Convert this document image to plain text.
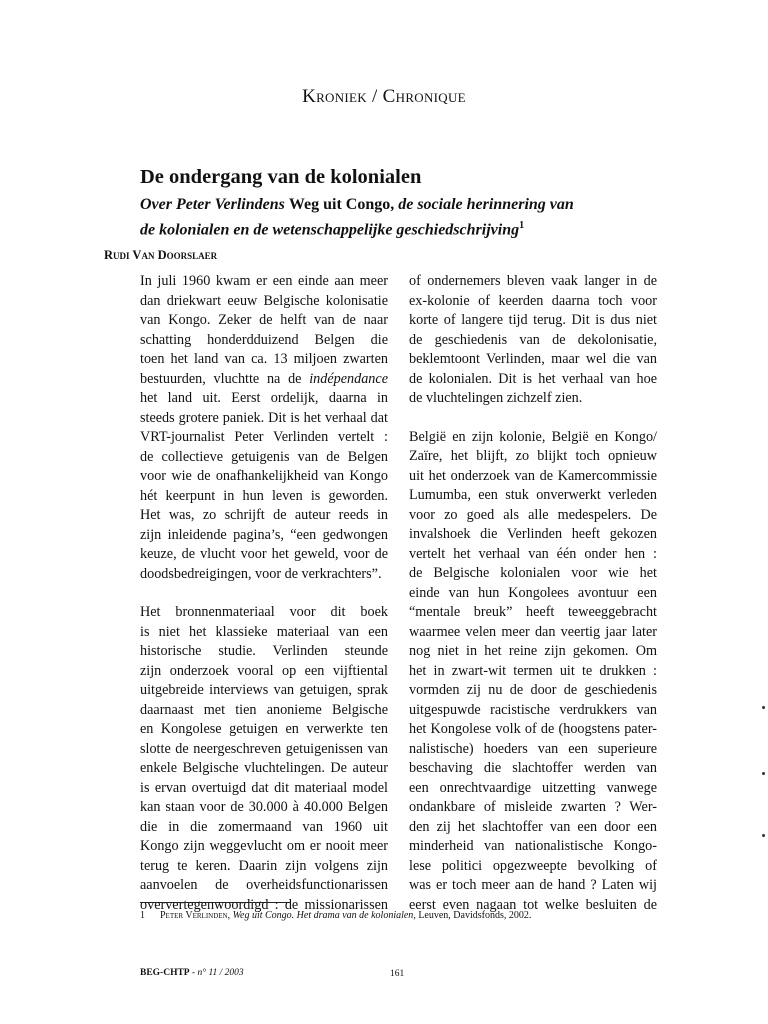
Kroniek / Chronique
De ondergang van de kolonialen
Over Peter Verlindens Weg uit Congo, de sociale herinnering van
de kolonialen en de wetenschappelijke geschiedschrijving$^1$
Rudi Van Doorslaer

In juli 1960 kwam er een einde aan meer
dan driekwart eeuw Belgische kolonisatie
van Kongo. Zeker de helft van de naar
schatting honderdduizend Belgen die
toen het land van ca. 13 miljoen zwarten
bestuurden, vluchtte na de indépendance
het land uit. Eerst ordelijk, daarna in
steeds grotere paniek. Dit is het verhaal dat
VRT-journalist Peter Verlinden vertelt :
de collectieve getuigenis van de Belgen
voor wie de onafhankelijkheid van Kongo
hét keerpunt in hun leven is geworden.
Het was, zo schrijft de auteur reeds in
zijn inleidende pagina’s, “een gedwongen
keuze, de vlucht voor het geweld, voor de
doodsbedreigingen, voor de verkrachters”.

Het bronnenmateriaal voor dit boek
is niet het klassieke materiaal van een
historische studie. Verlinden steunde
zijn onderzoek vooral op een vijftiental
uitgebreide interviews van getuigen, sprak
daarnaast met tien anonieme Belgische
en Kongolese getuigen en verwerkte ten
slotte de neergeschreven getuigenissen van
enkele Belgische vluchtelingen. De auteur
is ervan overtuigd dat dit materiaal model
kan staan voor de 30.000 à 40.000 Belgen
die in die zomermaand van 1960 uit
Kongo zijn weggevlucht om er nooit meer
terug te keren. Daarin zijn volgens zijn
aanvoelen de overheidsfunctionarissen
oververtegenwoordigd : de missionarissen

of ondernemers bleven vaak langer in de
ex-kolonie of keerden daarna toch voor
korte of langere tijd terug. Dit is dus niet
de geschiedenis van de dekolonisatie,
beklemtoont Verlinden, maar wel die van
de kolonialen. Dit is het verhaal van hoe
de vluchtelingen zichzelf zien.

België en zijn kolonie, België en Kongo/
Zaïre, het blijft, zo blijkt toch opnieuw
uit het onderzoek van de Kamercommissie
Lumumba, een stuk onverwerkt verleden
voor zo goed als alle medespelers. De
invalshoek die Verlinden heeft gekozen
vertelt het verhaal van één onder hen :
de Belgische kolonialen voor wie het
einde van hun Kongolees avontuur een
“mentale breuk” heeft teweeggebracht
waarmee velen meer dan veertig jaar later
nog niet in het reine zijn gekomen. Om
het in zwart-wit termen uit te drukken :
vormden zij nu de door de geschiedenis
uitgespuwde racistische verdrukkers van
het Kongolese volk of de (hoogstens pater-
nalistische) hoeders van een superieure
beschaving die slachtoffer werden van
een onrechtvaardige uitzetting vanwege
ondankbare of misleide zwarten ? Wer-
den zij het slachtoffer van een door een
minderheid van nationalistische Kongo-
lese politici opgezweepte bevolking of
was er toch meer aan de hand ? Laten wij
eerst even nagaan tot welke besluiten de

1 Peter Verlinden, Weg uit Congo. Het drama van de kolonialen, Leuven, Davidsfonds, 2002.
BEG-CHTP - n° 11 / 2003	161
